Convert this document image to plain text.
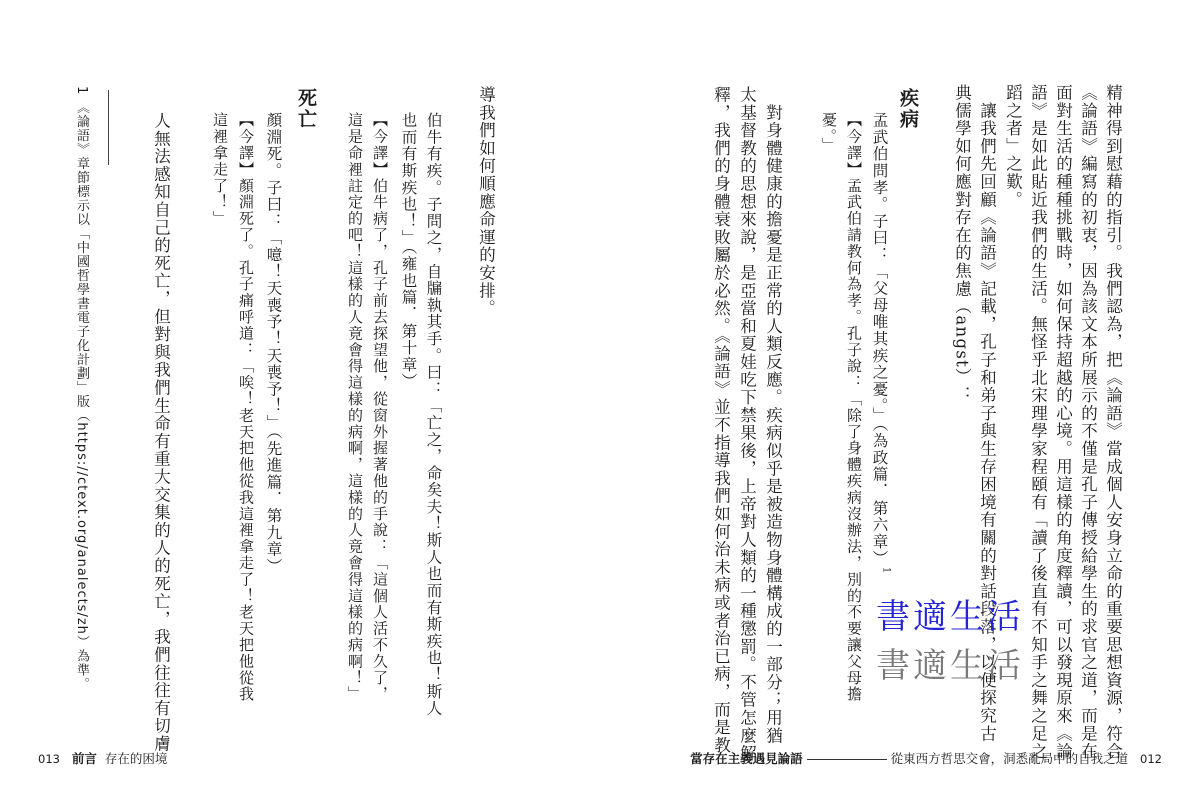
精神得到慰藉的指引。我們認為，把《論語》當成個人安身立命的重要思想資源，符合
《論語》編寫的初衷，因為該文本所展示的不僅是孔子傳授給學生的求官之道，而是在
面對生活的種種挑戰時，如何保持超越的心境。用這樣的角度釋讀，可以發現原來《論
語》是如此貼近我們的生活。無怪乎北宋理學家程頤有「讀了後直有不知手之舞之足之
蹈之者」之歎。
　讓我們先回顧《論語》記載，孔子和弟子與生存困境有關的對話段落，以便探究古
典儒學如何應對存在的焦慮（angst）：
疾病
孟武伯問孝。子曰：「父母唯其疾之憂。」（為政篇．第六章）$^1$
【今譯】孟武伯請教何為孝。孔子說：「除了身體疾病沒辦法，別的不要讓父母擔
憂。」
　對身體健康的擔憂是正常的人類反應。疾病似乎是被造物身體構成的一部分；用猶
太基督教的思想來說，是亞當和夏娃吃下禁果後，上帝對人類的一種懲罰。不管怎麼解
釋，我們的身體衰敗屬於必然。《論語》並不指導我們如何治未病或者治已病，而是教
導我們如何順應命運的安排。
伯牛有疾。子問之，自牖執其手。曰：「亡之，命矣夫！斯人也而有斯疾也！斯人
也而有斯疾也！」（雍也篇．第十章）
【今譯】伯牛病了，孔子前去探望他，從窗外握著他的手說：「這個人活不久了，
這是命裡註定的吧！這樣的人竟會得這樣的病啊，這樣的人竟會得這樣的病啊！」
死亡
顏淵死。子曰：「噫！天喪予！天喪予！」（先進篇．第九章）
【今譯】顏淵死了。孔子痛呼道：「唉！老天把他從我這裡拿走了！老天把他從我
這裡拿走了！」
人無法感知自己的死亡，但對與我們生命有重大交集的人的死亡，我們往往有切膚
1 《論語》章節標示以「中國哲學書電子化計劃」版（https://ctext.org/analects/zh）為準。	書適生活
書適生活
013 前言 存在的困境	當存在主義遇見論語	從東西方哲思交會，洞悉亂局中的自我之道 012
